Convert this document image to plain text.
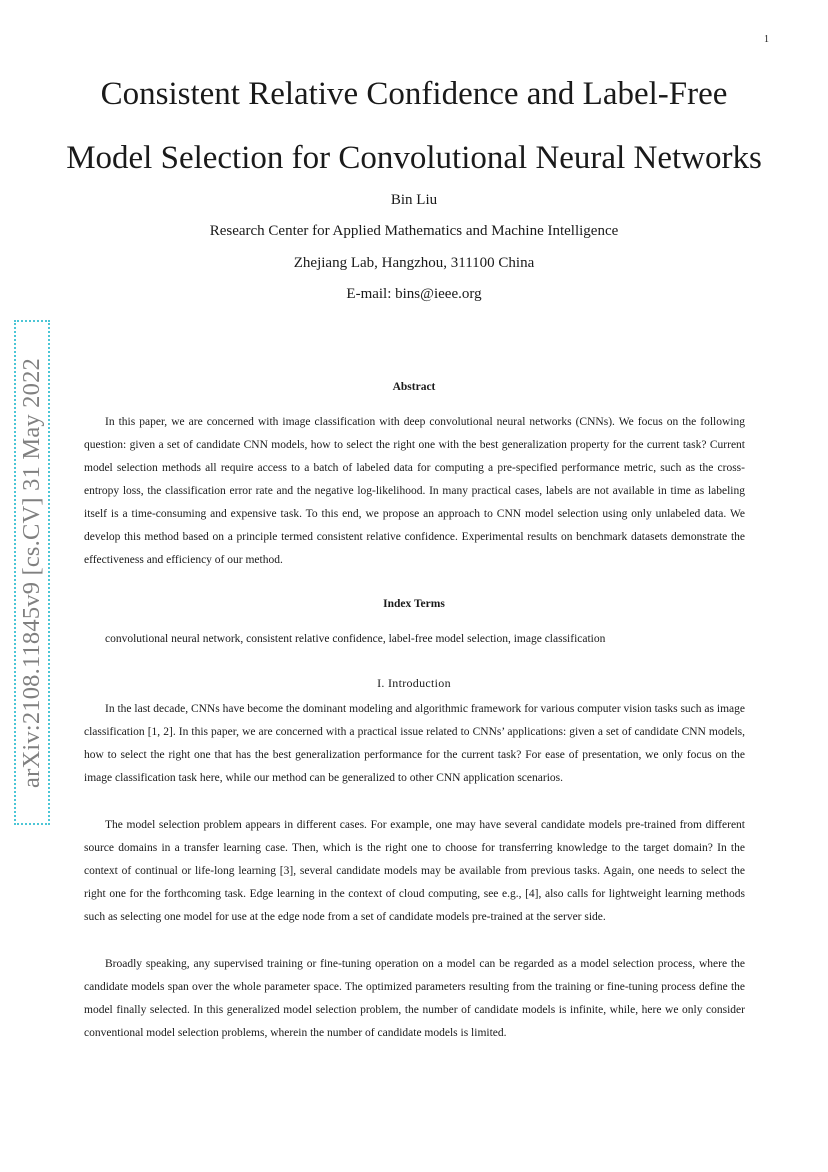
1
arXiv:2108.11845v9 [cs.CV] 31 May 2022
Consistent Relative Confidence and Label-Free
Model Selection for Convolutional Neural Networks
Bin Liu
Research Center for Applied Mathematics and Machine Intelligence
Zhejiang Lab, Hangzhou, 311100 China
E-mail: bins@ieee.org
Abstract

In this paper, we are concerned with image classification with deep convolutional neural networks (CNNs). We focus on the following question: given a set of candidate CNN models, how to select the right one with the best generalization property for the current task? Current model selection methods all require access to a batch of labeled data for computing a pre-specified performance metric, such as the cross-entropy loss, the classification error rate and the negative log-likelihood. In many practical cases, labels are not available in time as labeling itself is a time-consuming and expensive task. To this end, we propose an approach to CNN model selection using only unlabeled data. We develop this method based on a principle termed consistent relative confidence. Experimental results on benchmark datasets demonstrate the effectiveness and efficiency of our method.

Index Terms

convolutional neural network, consistent relative confidence, label-free model selection, image classification

I. Introduction

In the last decade, CNNs have become the dominant modeling and algorithmic framework for various computer vision tasks such as image classification [1, 2]. In this paper, we are concerned with a practical issue related to CNNs’ applications: given a set of candidate CNN models, how to select the right one that has the best generalization performance for the current task? For ease of presentation, we only focus on the image classification task here, while our method can be generalized to other CNN application scenarios.

The model selection problem appears in different cases. For example, one may have several candidate models pre-trained from different source domains in a transfer learning case. Then, which is the right one to choose for transferring knowledge to the target domain? In the context of continual or life-long learning [3], several candidate models may be available from previous tasks. Again, one needs to select the right one for the forthcoming task. Edge learning in the context of cloud computing, see e.g., [4], also calls for lightweight learning methods such as selecting one model for use at the edge node from a set of candidate models pre-trained at the server side.

Broadly speaking, any supervised training or fine-tuning operation on a model can be regarded as a model selection process, where the candidate models span over the whole parameter space. The optimized parameters resulting from the training or fine-tuning process define the model finally selected. In this generalized model selection problem, the number of candidate models is infinite, while, here we only consider conventional model selection problems, wherein the number of candidate models is limited.
